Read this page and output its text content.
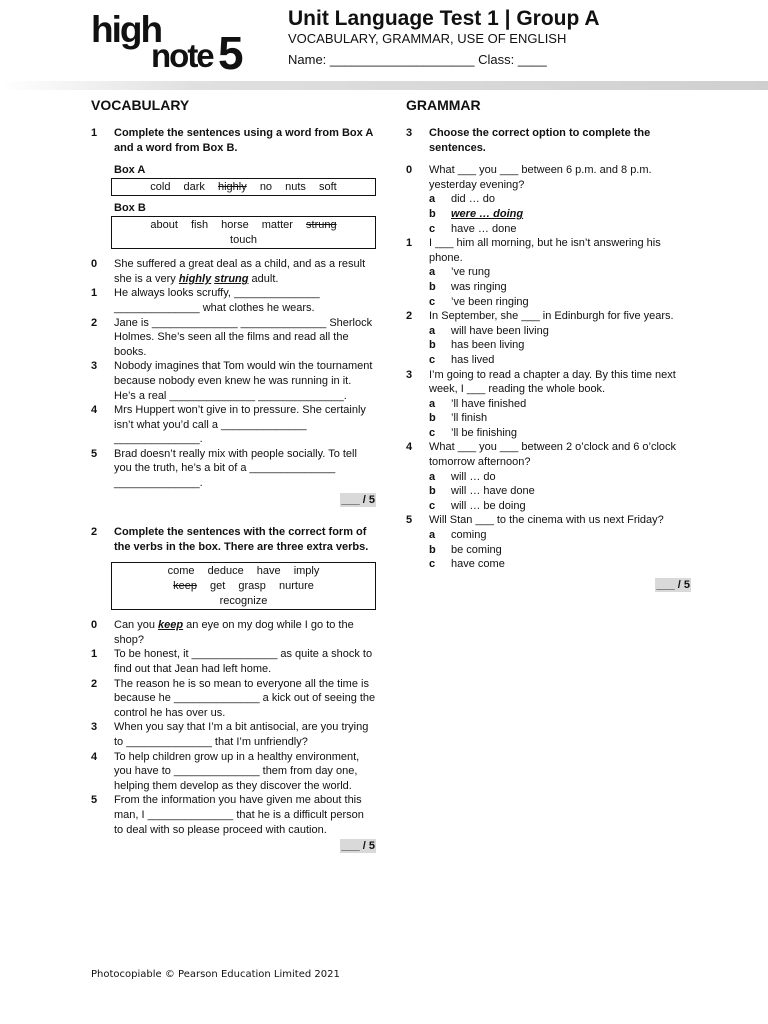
high
note 5
Unit Language Test 1 | Group A
VOCABULARY, GRAMMAR, USE OF ENGLISH
Name: ____________________ Class: ____
VOCABULARY
1	Complete the sentences using a word from Box A and a word from Box B.
Box A
cold dark highly no nuts soft
Box B
about fish horse matter strung touch
0	She suffered a great deal as a child, and as a result she is a very highly strung adult.
1	He always looks scruffy, ______________ ______________ what clothes he wears.
2	Jane is ______________ ______________ Sherlock Holmes. She’s seen all the films and read all the books.
3	Nobody imagines that Tom would win the tournament because nobody even knew he was running in it. He’s a real ______________ ______________.
4	Mrs Huppert won’t give in to pressure. She certainly isn’t what you’d call a ______________ ______________.
5	Brad doesn’t really mix with people socially. To tell you the truth, he’s a bit of a ______________ ______________.
___ / 5
2	Complete the sentences with the correct form of the verbs in the box. There are three extra verbs.
come deduce have imply keep get grasp nurture recognize
0	Can you keep an eye on my dog while I go to the shop?
1	To be honest, it ______________ as quite a shock to find out that Jean had left home.
2	The reason he is so mean to everyone all the time is because he ______________ a kick out of seeing the control he has over us.
3	When you say that I’m a bit antisocial, are you trying to ______________ that I’m unfriendly?
4	To help children grow up in a healthy environment, you have to ______________ them from day one, helping them develop as they discover the world.
5	From the information you have given me about this man, I ______________ that he is a difficult person to deal with so please proceed with caution.
___ / 5
GRAMMAR
3	Choose the correct option to complete the sentences.
0	What ___ you ___ between 6 p.m. and 8 p.m. yesterday evening?
a	did … do
b	were … doing
c	have … done
1	I ___ him all morning, but he isn’t answering his phone.
a	’ve rung
b	was ringing
c	’ve been ringing
2	In September, she ___ in Edinburgh for five years.
a	will have been living
b	has been living
c	has lived
3	I’m going to read a chapter a day. By this time next week, I ___ reading the whole book.
a	’ll have finished
b	’ll finish
c	’ll be finishing
4	What ___ you ___ between 2 o’clock and 6 o’clock tomorrow afternoon?
a	will … do
b	will … have done
c	will … be doing
5	Will Stan ___ to the cinema with us next Friday?
a	coming
b	be coming
c	have come
___ / 5
Photocopiable © Pearson Education Limited 2021
